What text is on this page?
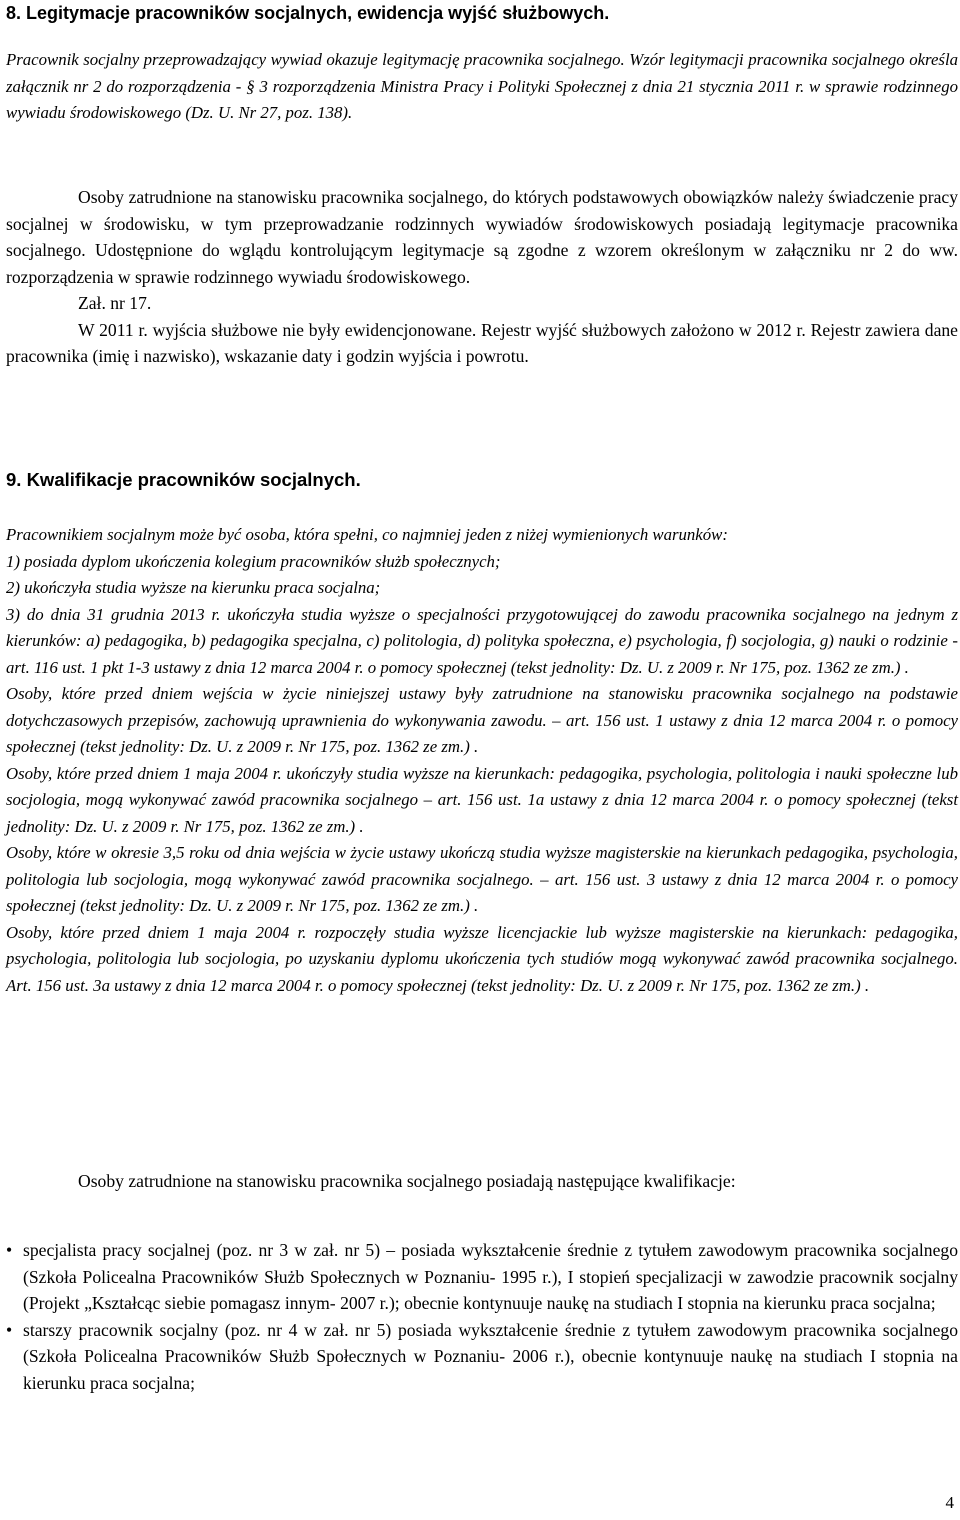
8. Legitymacje pracowników socjalnych, ewidencja wyjść służbowych.

Pracownik socjalny przeprowadzający wywiad okazuje legitymację pracownika socjalnego. Wzór legitymacji pracownika socjalnego określa załącznik nr 2 do rozporządzenia - § 3 rozporządzenia Ministra Pracy i Polityki Społecznej z dnia 21 stycznia 2011 r. w sprawie rodzinnego wywiadu środowiskowego (Dz. U. Nr 27, poz. 138).

Osoby zatrudnione na stanowisku pracownika socjalnego, do których podstawowych obowiązków należy świadczenie pracy socjalnej w środowisku, w tym przeprowadzanie rodzinnych wywiadów środowiskowych posiadają legitymacje pracownika socjalnego. Udostępnione do wglądu kontrolującym legitymacje są zgodne z wzorem określonym w załączniku nr 2 do ww. rozporządzenia w sprawie rodzinnego wywiadu środowiskowego.
Zał. nr 17.
W 2011 r. wyjścia służbowe nie były ewidencjonowane. Rejestr wyjść służbowych założono w 2012 r. Rejestr zawiera dane pracownika (imię i nazwisko), wskazanie daty i godzin wyjścia i powrotu.

9. Kwalifikacje pracowników socjalnych.

Pracownikiem socjalnym może być osoba, która spełni, co najmniej jeden z niżej wymienionych warunków:
1) posiada dyplom ukończenia kolegium pracowników służb społecznych;
2) ukończyła studia wyższe na kierunku praca socjalna;
3) do dnia 31 grudnia 2013 r. ukończyła studia wyższe o specjalności przygotowującej do zawodu pracownika socjalnego na jednym z kierunków: a) pedagogika, b) pedagogika specjalna, c) politologia, d) polityka społeczna, e) psychologia, f) socjologia, g) nauki o rodzinie - art. 116 ust. 1 pkt 1-3 ustawy z dnia 12 marca 2004 r. o pomocy społecznej (tekst jednolity: Dz. U. z 2009 r. Nr 175, poz. 1362 ze zm.) .
Osoby, które przed dniem wejścia w życie niniejszej ustawy były zatrudnione na stanowisku pracownika socjalnego na podstawie dotychczasowych przepisów, zachowują uprawnienia do wykonywania zawodu. – art. 156 ust. 1 ustawy z dnia 12 marca 2004 r. o pomocy społecznej (tekst jednolity: Dz. U. z 2009 r. Nr 175, poz. 1362 ze zm.) .
Osoby, które przed dniem 1 maja 2004 r. ukończyły studia wyższe na kierunkach: pedagogika, psychologia, politologia i nauki społeczne lub socjologia, mogą wykonywać zawód pracownika socjalnego – art. 156 ust. 1a ustawy z dnia 12 marca 2004 r. o pomocy społecznej (tekst jednolity: Dz. U. z 2009 r. Nr 175, poz. 1362 ze zm.) .
Osoby, które w okresie 3,5 roku od dnia wejścia w życie ustawy ukończą studia wyższe magisterskie na kierunkach pedagogika, psychologia, politologia lub socjologia, mogą wykonywać zawód pracownika socjalnego. – art. 156 ust. 3 ustawy z dnia 12 marca 2004 r. o pomocy społecznej (tekst jednolity: Dz. U. z 2009 r. Nr 175, poz. 1362 ze zm.) .
Osoby, które przed dniem 1 maja 2004 r. rozpoczęły studia wyższe licencjackie lub wyższe magisterskie na kierunkach: pedagogika, psychologia, politologia lub socjologia, po uzyskaniu dyplomu ukończenia tych studiów mogą wykonywać zawód pracownika socjalnego. Art. 156 ust. 3a ustawy z dnia 12 marca 2004 r. o pomocy społecznej (tekst jednolity: Dz. U. z 2009 r. Nr 175, poz. 1362 ze zm.) .

Osoby zatrudnione na stanowisku pracownika socjalnego posiadają następujące kwalifikacje:

• specjalista pracy socjalnej (poz. nr 3 w zał. nr 5) – posiada wykształcenie średnie z tytułem zawodowym pracownika socjalnego (Szkoła Policealna Pracowników Służb Społecznych w Poznaniu- 1995 r.), I stopień specjalizacji w zawodzie pracownik socjalny (Projekt „Kształcąc siebie pomagasz innym- 2007 r.); obecnie kontynuuje naukę na studiach I stopnia na kierunku praca socjalna;
• starszy pracownik socjalny (poz. nr 4 w zał. nr 5) posiada wykształcenie średnie z tytułem zawodowym pracownika socjalnego (Szkoła Policealna Pracowników Służb Społecznych w Poznaniu- 2006 r.), obecnie kontynuuje naukę na studiach I stopnia na kierunku praca socjalna;
4
